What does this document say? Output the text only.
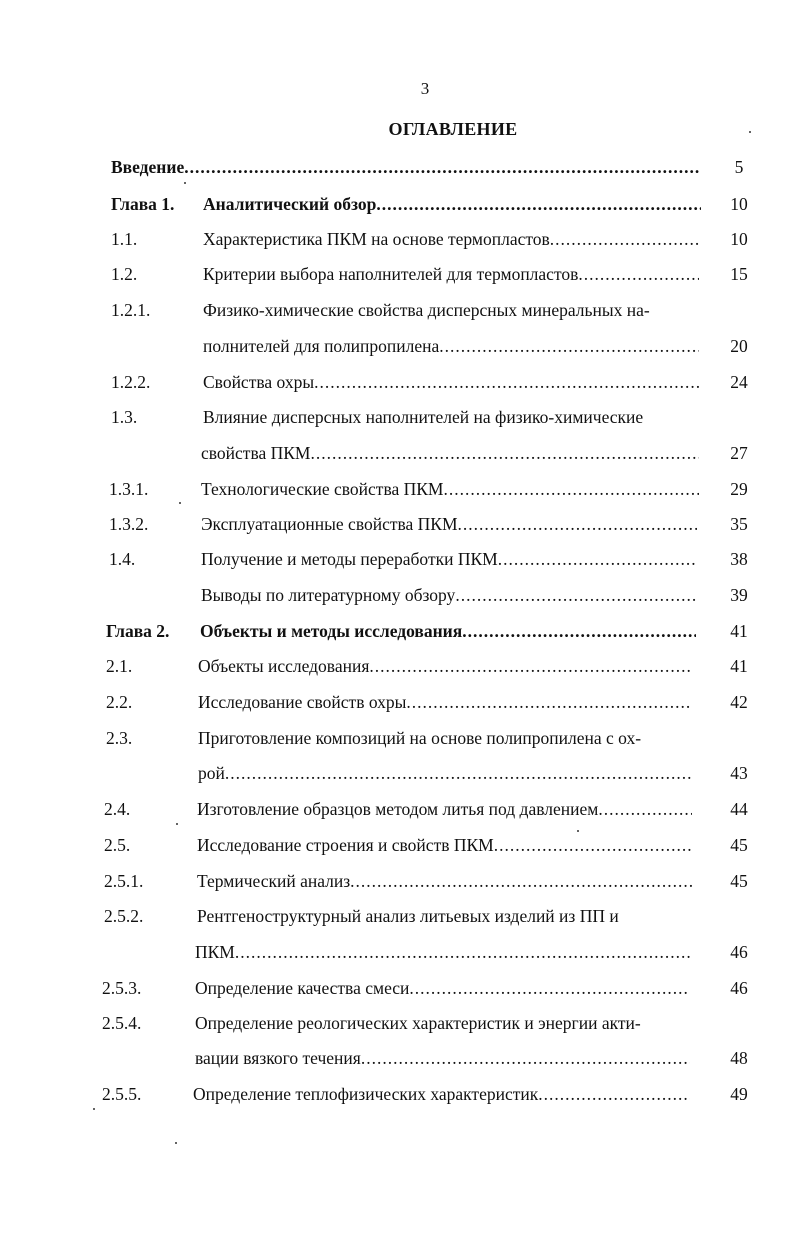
3
ОГЛАВЛЕНИЕ
Введение .....	5
Глава 1. Аналитический обзор .....	10
1.1.	Характеристика ПКМ на основе термопластов .....	10
1.2.	Критерии выбора наполнителей для термопластов .....	15
1.2.1.	Физико-химические свойства дисперсных минеральных на-
полнителей для полипропилена .....	20
1.2.2.	Свойства охры .....	24
1.3.	Влияние дисперсных наполнителей на физико-химические
свойства ПКМ .....	27
1.3.1.	Технологические свойства ПКМ .....	29
1.3.2.	Эксплуатационные свойства ПКМ .....	35
1.4.	Получение и методы переработки ПКМ .....	38
Выводы по литературному обзору .....	39
Глава 2. Объекты и методы исследования .....	41
2.1.	Объекты исследования .....	41
2.2.	Исследование свойств охры .....	42
2.3.	Приготовление композиций на основе полипропилена с ох-
рой .....	43
2.4.	Изготовление образцов методом литья под давлением .....	44
2.5.	Исследование строения и свойств ПКМ .....	45
2.5.1.	Термический анализ .....	45
2.5.2.	Рентгеноструктурный анализ литьевых изделий из ПП и
ПКМ .....	46
2.5.3.	Определение качества смеси .....	46
2.5.4.	Определение реологических характеристик и энергии акти-
вации вязкого течения .....	48
2.5.5.	Определение теплофизических характеристик .....	49
